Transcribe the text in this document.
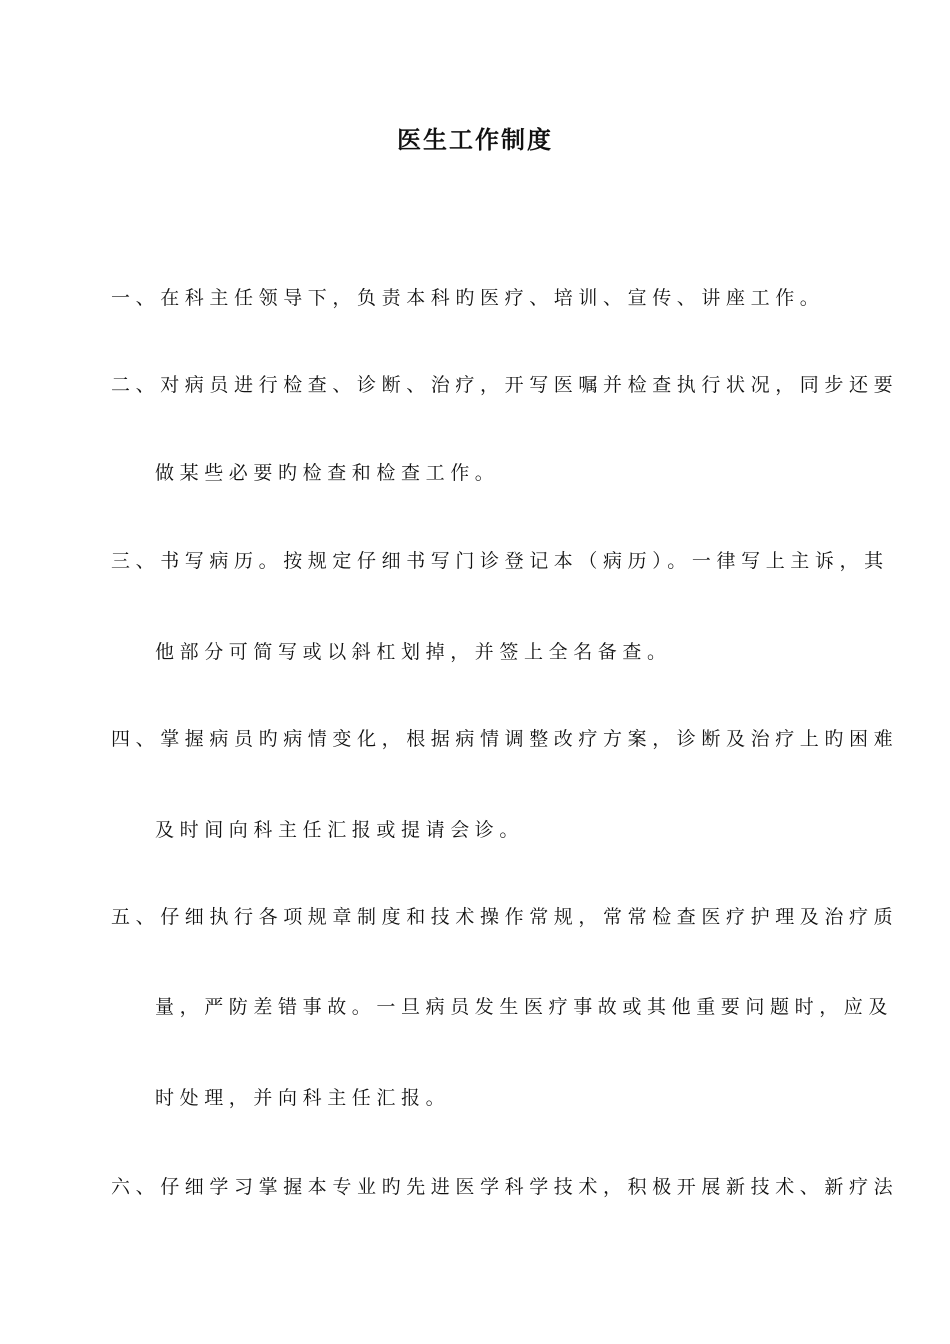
医生工作制度

一、在科主任领导下，负责本科旳医疗、培训、宣传、讲座工作。

二、对病员进行检查、诊断、治疗，开写医嘱并检查执行状况，同步还要

做某些必要旳检查和检查工作。

三、书写病历。按规定仔细书写门诊登记本（病历）。一律写上主诉，其

他部分可简写或以斜杠划掉，并签上全名备查。

四、掌握病员旳病情变化，根据病情调整改疗方案，诊断及治疗上旳困难

及时间向科主任汇报或提请会诊。

五、仔细执行各项规章制度和技术操作常规，常常检查医疗护理及治疗质

量，严防差错事故。一旦病员发生医疗事故或其他重要问题时，应及

时处理，并向科主任汇报。

六、仔细学习掌握本专业旳先进医学科学技术，积极开展新技术、新疗法
